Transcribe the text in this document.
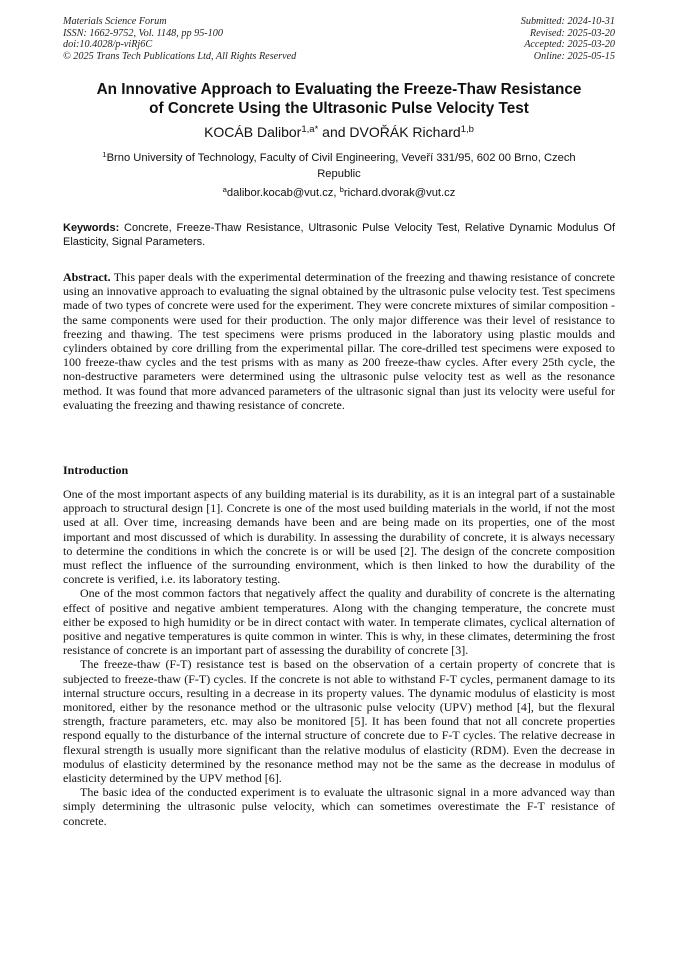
Materials Science Forum
ISSN: 1662-9752, Vol. 1148, pp 95-100
doi:10.4028/p-viRj6C
© 2025 Trans Tech Publications Ltd, All Rights Reserved
Submitted: 2024-10-31
Revised: 2025-03-20
Accepted: 2025-03-20
Online: 2025-05-15
An Innovative Approach to Evaluating the Freeze-Thaw Resistance
of Concrete Using the Ultrasonic Pulse Velocity Test
KOCÁB Dalibor$^{1,a*}$ and DVOŘÁK Richard$^{1,b}$
$^1$Brno University of Technology, Faculty of Civil Engineering, Veveří 331/95, 602 00 Brno, Czech Republic
$^a$dalibor.kocab@vut.cz, $^b$richard.dvorak@vut.cz
Keywords: Concrete, Freeze-Thaw Resistance, Ultrasonic Pulse Velocity Test, Relative Dynamic Modulus Of Elasticity, Signal Parameters.
Abstract. This paper deals with the experimental determination of the freezing and thawing resistance of concrete using an innovative approach to evaluating the signal obtained by the ultrasonic pulse velocity test. Test specimens made of two types of concrete were used for the experiment. They were concrete mixtures of similar composition - the same components were used for their production. The only major difference was their level of resistance to freezing and thawing. The test specimens were prisms produced in the laboratory using plastic moulds and cylinders obtained by core drilling from the experimental pillar. The core-drilled test specimens were exposed to 100 freeze-thaw cycles and the test prisms with as many as 200 freeze-thaw cycles. After every 25th cycle, the non-destructive parameters were determined using the ultrasonic pulse velocity test as well as the resonance method. It was found that more advanced parameters of the ultrasonic signal than just its velocity were useful for evaluating the freezing and thawing resistance of concrete.
Introduction

One of the most important aspects of any building material is its durability, as it is an integral part of a sustainable approach to structural design [1]. Concrete is one of the most used building materials in the world, if not the most used at all. Over time, increasing demands have been and are being made on its properties, one of the most important and most discussed of which is durability. In assessing the durability of concrete, it is always necessary to determine the conditions in which the concrete is or will be used [2]. The design of the concrete composition must reflect the influence of the surrounding environment, which is then linked to how the durability of the concrete is verified, i.e. its laboratory testing.

One of the most common factors that negatively affect the quality and durability of concrete is the alternating effect of positive and negative ambient temperatures. Along with the changing temperature, the concrete must either be exposed to high humidity or be in direct contact with water. In temperate climates, cyclical alternation of positive and negative temperatures is quite common in winter. This is why, in these climates, determining the frost resistance of concrete is an important part of assessing the durability of concrete [3].

The freeze-thaw (F-T) resistance test is based on the observation of a certain property of concrete that is subjected to freeze-thaw (F-T) cycles. If the concrete is not able to withstand F-T cycles, permanent damage to its internal structure occurs, resulting in a decrease in its property values. The dynamic modulus of elasticity is most monitored, either by the resonance method or the ultrasonic pulse velocity (UPV) method [4], but the flexural strength, fracture parameters, etc. may also be monitored [5]. It has been found that not all concrete properties respond equally to the disturbance of the internal structure of concrete due to F-T cycles. The relative decrease in flexural strength is usually more significant than the relative modulus of elasticity (RDM). Even the decrease in modulus of elasticity determined by the resonance method may not be the same as the decrease in modulus of elasticity determined by the UPV method [6].

The basic idea of the conducted experiment is to evaluate the ultrasonic signal in a more advanced way than simply determining the ultrasonic pulse velocity, which can sometimes overestimate the F-T resistance of concrete.
